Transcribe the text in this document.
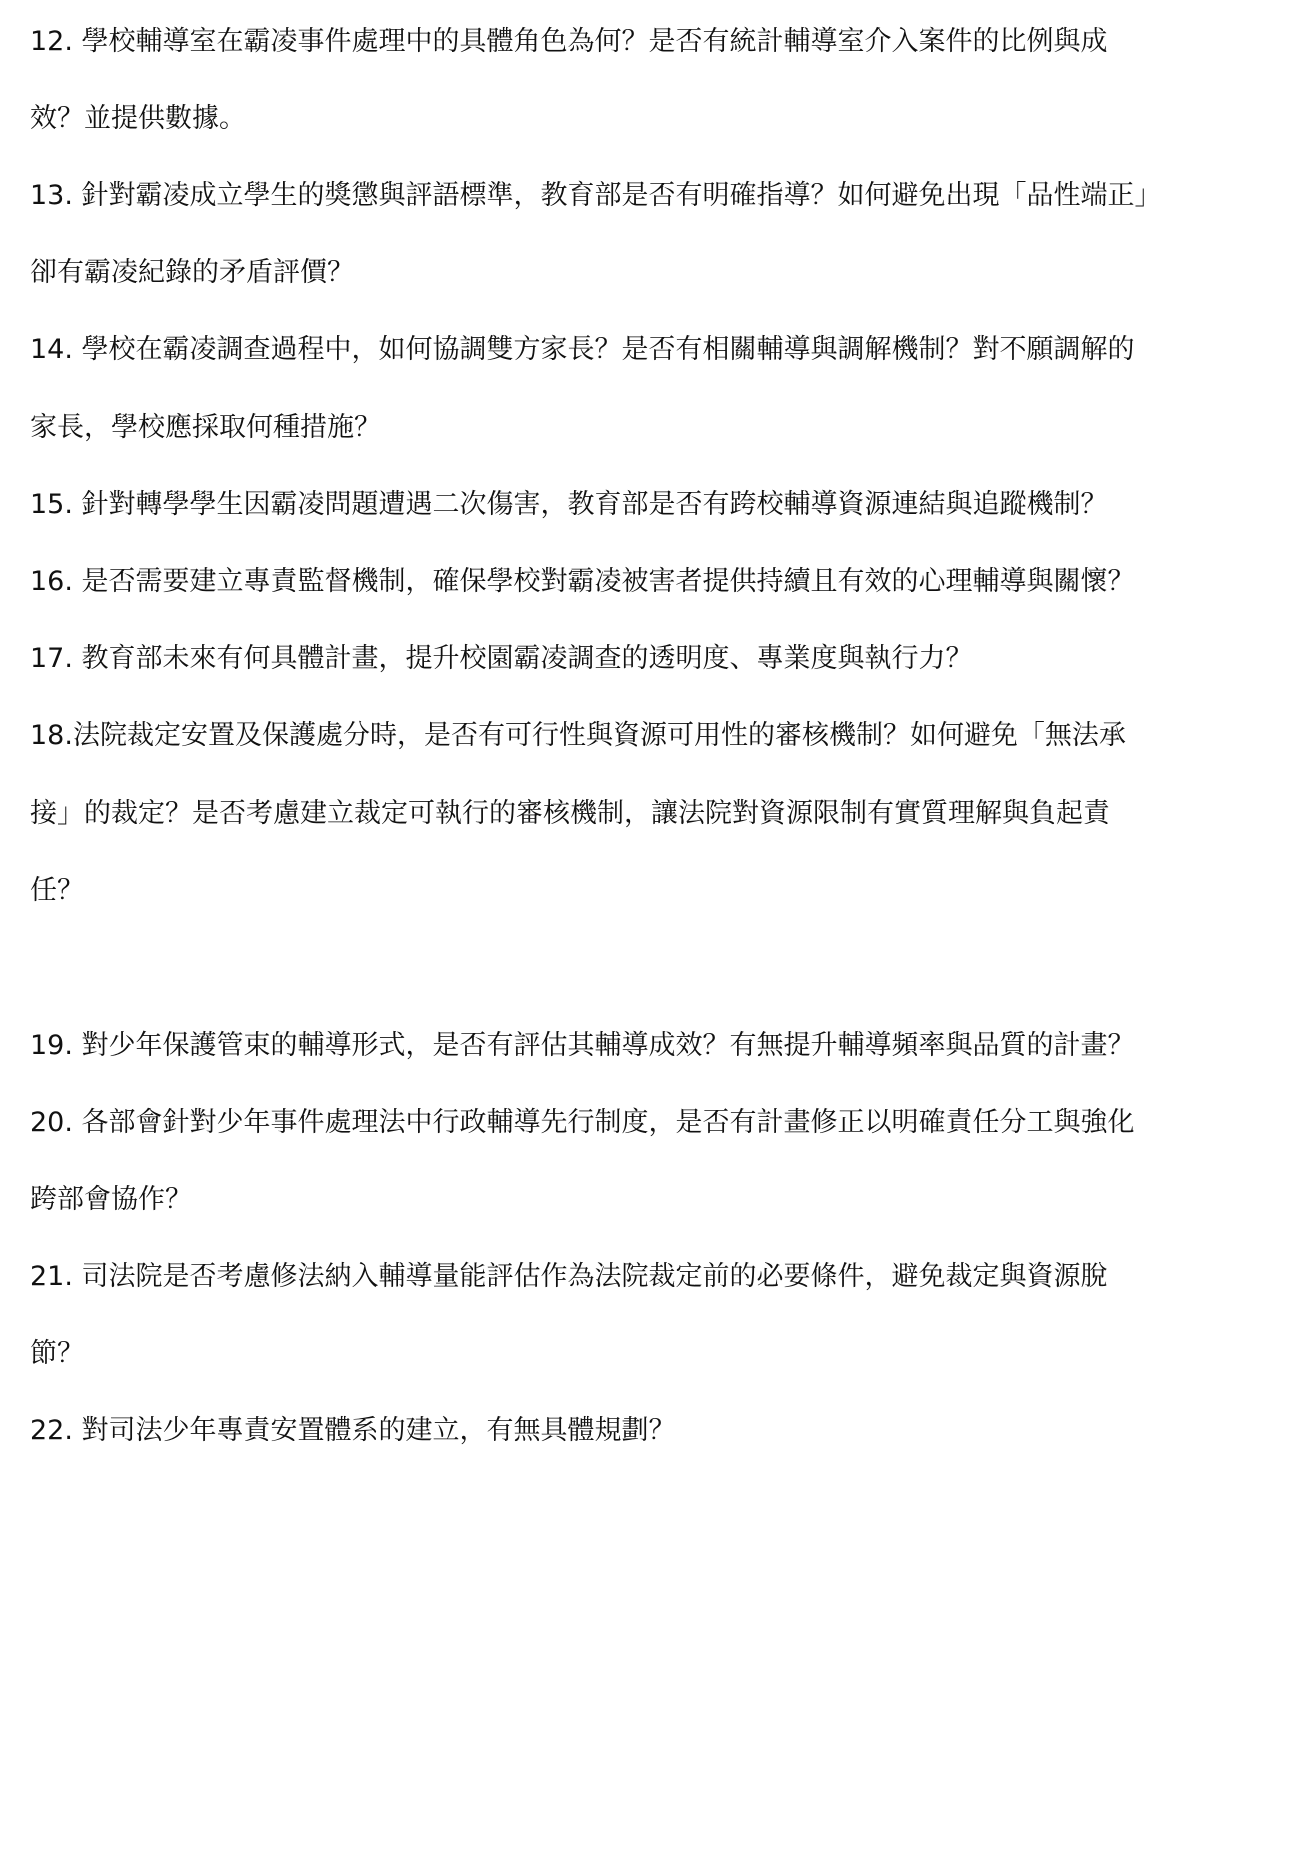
12. 學校輔導室在霸凌事件處理中的具體角色為何？是否有統計輔導室介入案件的比例與成
效？並提供數據。
13. 針對霸凌成立學生的獎懲與評語標準，教育部是否有明確指導？如何避免出現「品性端正」
卻有霸凌紀錄的矛盾評價？
14. 學校在霸凌調查過程中，如何協調雙方家長？是否有相關輔導與調解機制？對不願調解的
家長，學校應採取何種措施？
15. 針對轉學學生因霸凌問題遭遇二次傷害，教育部是否有跨校輔導資源連結與追蹤機制？
16. 是否需要建立專責監督機制，確保學校對霸凌被害者提供持續且有效的心理輔導與關懷？
17. 教育部未來有何具體計畫，提升校園霸凌調查的透明度、專業度與執行力？
18.法院裁定安置及保護處分時，是否有可行性與資源可用性的審核機制？如何避免「無法承
接」的裁定？是否考慮建立裁定可執行的審核機制，讓法院對資源限制有實質理解與負起責
任？
19. 對少年保護管束的輔導形式，是否有評估其輔導成效？有無提升輔導頻率與品質的計畫？
20. 各部會針對少年事件處理法中行政輔導先行制度，是否有計畫修正以明確責任分工與強化
跨部會協作？
21. 司法院是否考慮修法納入輔導量能評估作為法院裁定前的必要條件，避免裁定與資源脫
節？
22. 對司法少年專責安置體系的建立，有無具體規劃？
